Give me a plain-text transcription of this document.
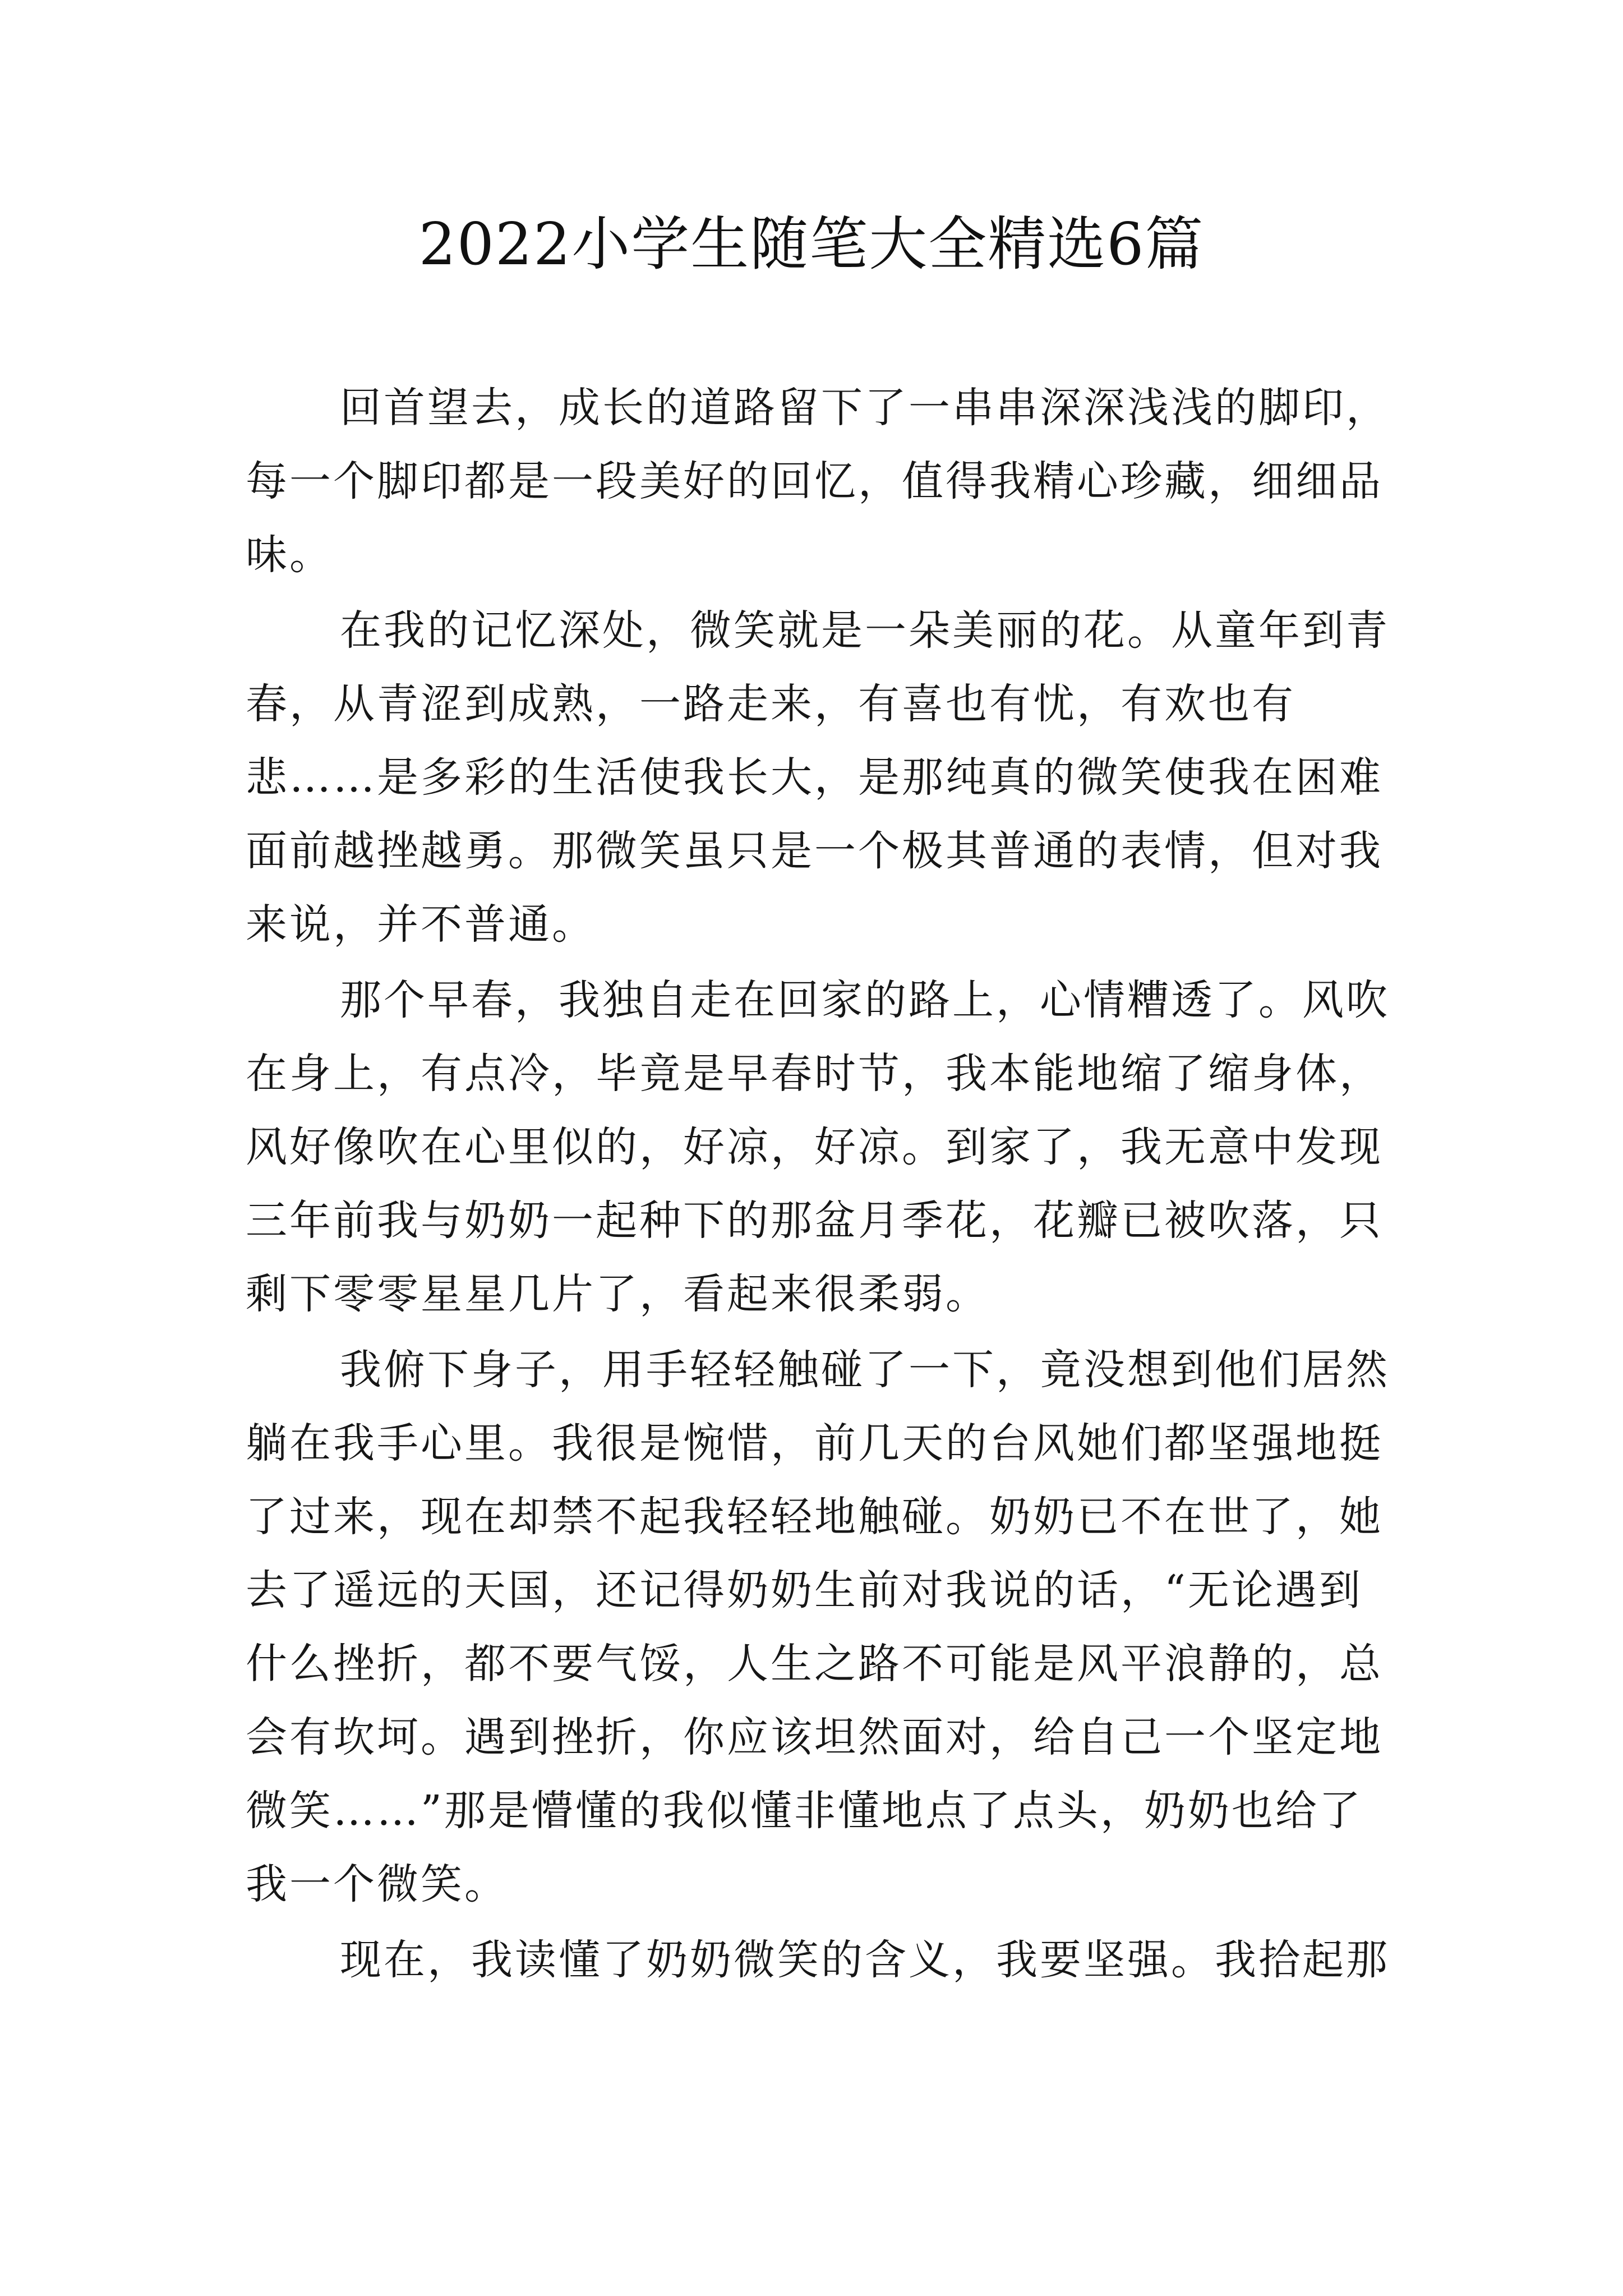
2022小学生随笔大全精选6篇

回首望去，成长的道路留下了一串串深深浅浅的脚印，
每一个脚印都是一段美好的回忆，值得我精心珍藏，细细品
味。

在我的记忆深处，微笑就是一朵美丽的花。从童年到青
春，从青涩到成熟，一路走来，有喜也有忧，有欢也有
悲……是多彩的生活使我长大，是那纯真的微笑使我在困难
面前越挫越勇。那微笑虽只是一个极其普通的表情，但对我
来说，并不普通。

那个早春，我独自走在回家的路上，心情糟透了。风吹
在身上，有点冷，毕竟是早春时节，我本能地缩了缩身体，
风好像吹在心里似的，好凉，好凉。到家了，我无意中发现
三年前我与奶奶一起种下的那盆月季花，花瓣已被吹落，只
剩下零零星星几片了，看起来很柔弱。

我俯下身子，用手轻轻触碰了一下，竟没想到他们居然
躺在我手心里。我很是惋惜，前几天的台风她们都坚强地挺
了过来，现在却禁不起我轻轻地触碰。奶奶已不在世了，她
去了遥远的天国，还记得奶奶生前对我说的话，“无论遇到
什么挫折，都不要气馁，人生之路不可能是风平浪静的，总
会有坎坷。遇到挫折，你应该坦然面对，给自己一个坚定地
微笑……”那是懵懂的我似懂非懂地点了点头，奶奶也给了
我一个微笑。

现在，我读懂了奶奶微笑的含义，我要坚强。我拾起那
